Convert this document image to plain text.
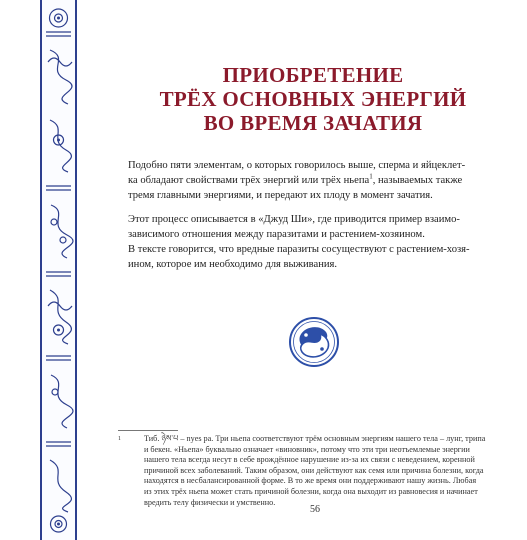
ПРИОБРЕТЕНИЕ
ТРЁХ ОСНОВНЫХ ЭНЕРГИЙ
ВО ВРЕМЯ ЗАЧАТИЯ

Подобно пяти элементам, о которых говорилось выше, сперма и яйцеклет-
ка обладают свойствами трёх энергий или трёх ньепа$^1$, называемых также
тремя главными энергиями, и передают их плоду в момент зачатия.

Этот процесс описывается в «Джуд Ши», где приводится пример взаимо-
зависимого отношения между паразитами и растением-хозяином.
В тексте говорится, что вредные паразиты сосуществуют с растением-хозя-
ином, которое им необходимо для выживания.

1	Тиб. ཉེས་པ – nyes pa. Три ньепа соответствуют трём основным энергиям нашего тела – лунг, трипа
и бекен. «Ньепа» буквально означает «виновник», потому что эти три неотъемлемые энергии
нашего тела всегда несут в себе врождённое нарушение из-за их связи с неведением, коренной
причиной всех заболеваний. Таким образом, они действуют как семя или причина болезни, когда
находятся в несбалансированной форме. В то же время они поддерживают нашу жизнь. Любая
из этих трёх ньепа может стать причиной болезни, когда она выходит из равновесия и начинает
вредить телу физически и умственно.
56
